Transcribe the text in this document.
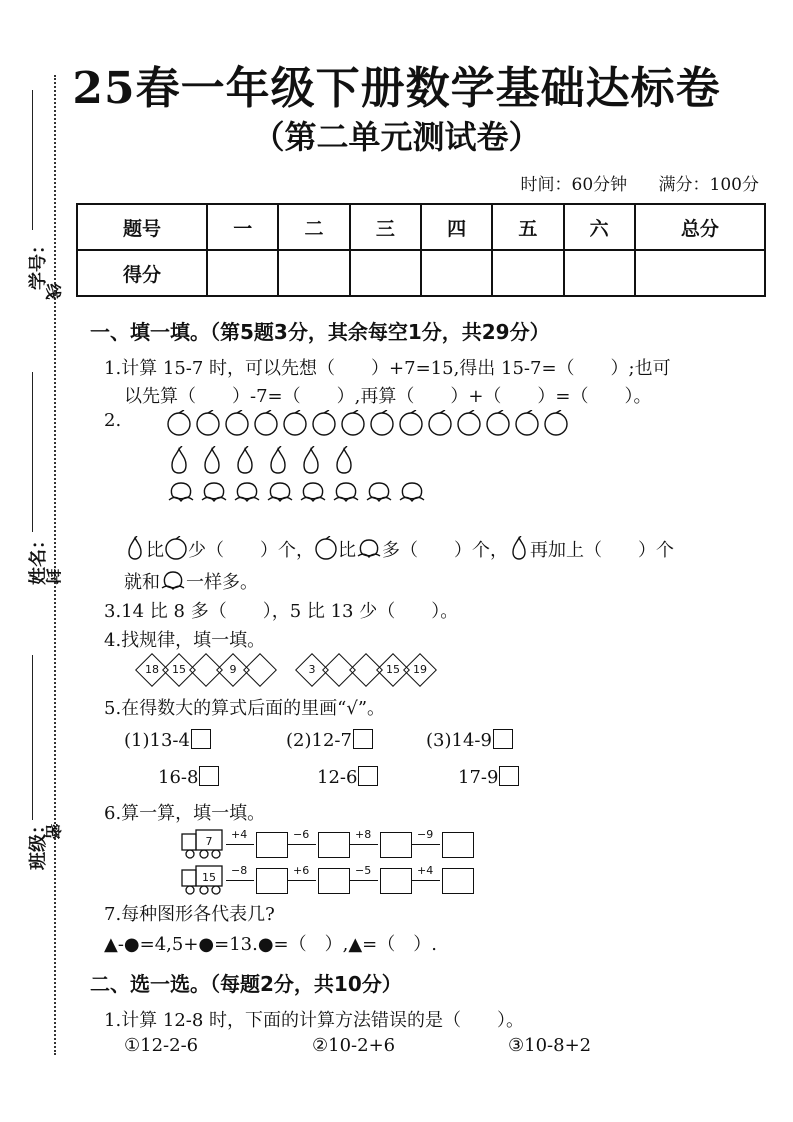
学号：
线
姓名：
封
班级：
密
25春一年级下册数学基础达标卷
（第二单元测试卷）
时间：60分钟 满分：100分
题号	一	二	三	四	五	六	总分
得分							
一、填一填。（第5题3分，其余每空1分，共29分）
1.计算 15-7 时，可以先想（　　）+7=15,得出 15-7=（　　）;也可
以先算（　　）-7=（　　）,再算（　　）+（　　）=（　　）。
2.
比 少（　　）个， 比 多（　　）个， 再加上（　　）个
就和 一样多。
3.14 比 8 多（　　），5 比 13 少（　　）。
4.找规律，填一填。
18	15	9	3	15	19
5.在得数大的算式后面的里画“√”。
(1)13-4	(2)12-7	(3)14-9
16-8	12-6	17-9
6.算一算，填一填。
7
+4	−6	+8	−9
15
−8	+6	−5	+4
7.每种图形各代表几?
▲-●=4,5+●=13.●=（　）,▲=（　）.
二、选一选。（每题2分，共10分）
1.计算 12-8 时，下面的计算方法错误的是（　　）。
①12-2-6	②10-2+6	③10-8+2
